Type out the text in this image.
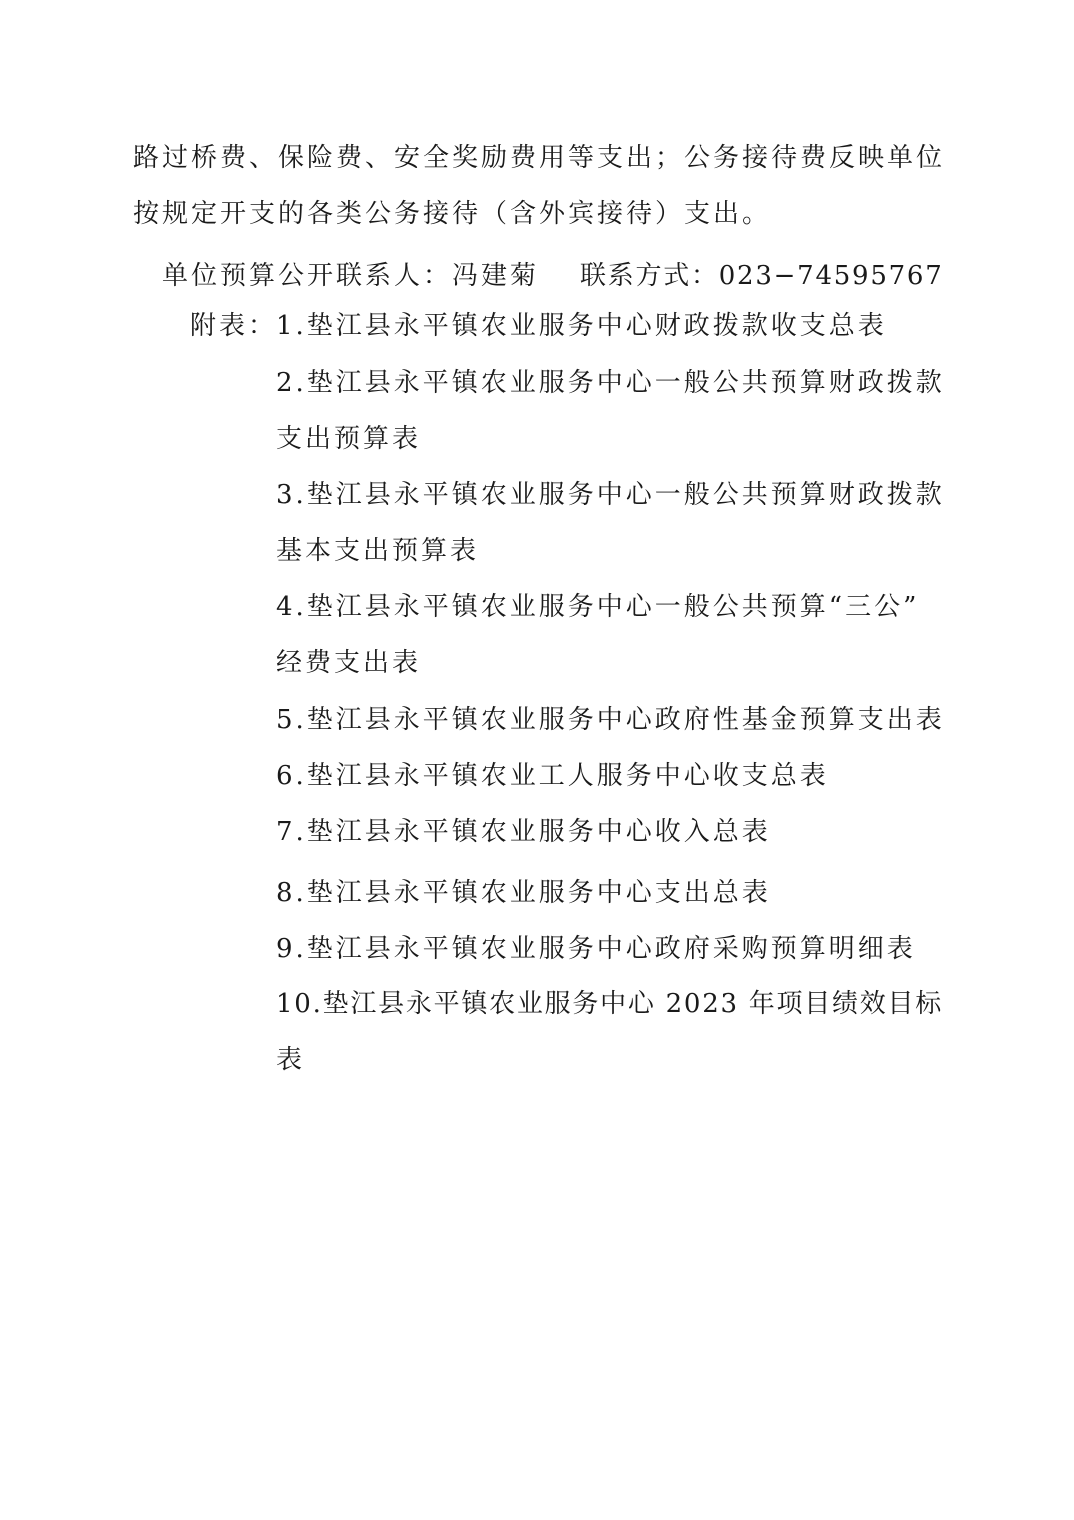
路过桥费、保险费、安全奖励费用等支出；公务接待费反映单位
按规定开支的各类公务接待（含外宾接待）支出。
单位预算公开联系人：冯建菊 联系方式：023−74595767
附表：
1.垫江县永平镇农业服务中心财政拨款收支总表
2.垫江县永平镇农业服务中心一般公共预算财政拨款
支出预算表
3.垫江县永平镇农业服务中心一般公共预算财政拨款
基本支出预算表
4.垫江县永平镇农业服务中心一般公共预算“三公”
经费支出表
5.垫江县永平镇农业服务中心政府性基金预算支出表
6.垫江县永平镇农业工人服务中心收支总表
7.垫江县永平镇农业服务中心收入总表
8.垫江县永平镇农业服务中心支出总表
9.垫江县永平镇农业服务中心政府采购预算明细表
10.垫江县永平镇农业服务中心 2023 年项目绩效目标
表
